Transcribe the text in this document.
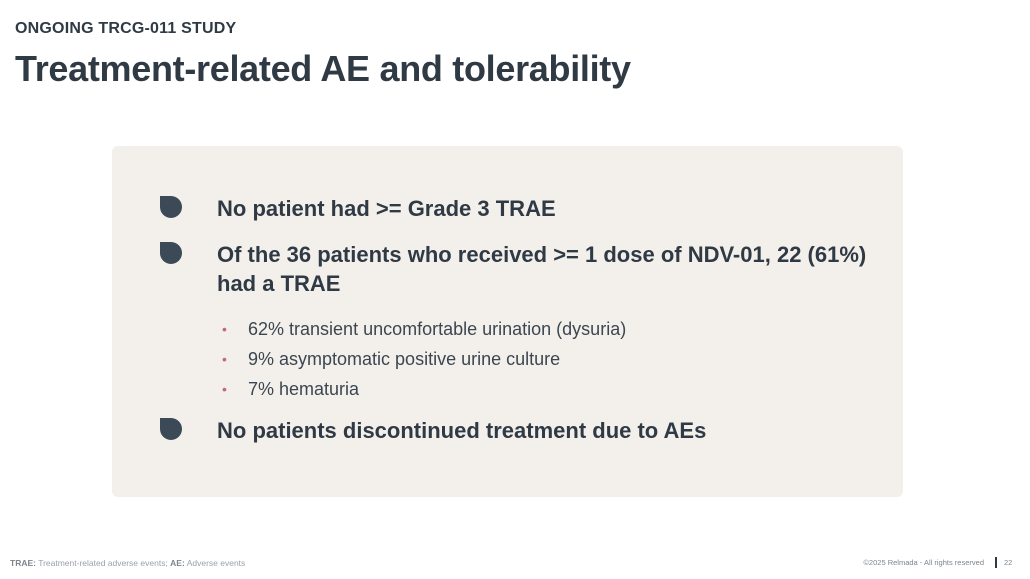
ONGOING TRCG-011 STUDY
Treatment-related AE and tolerability
No patient had >= Grade 3 TRAE
Of the 36 patients who received >= 1 dose of NDV-01, 22 (61%) had a TRAE
• 62% transient uncomfortable urination (dysuria)
• 9% asymptomatic positive urine culture
• 7% hematuria
No patients discontinued treatment due to AEs
TRAE: Treatment-related adverse events; AE: Adverse events	©2025 Relmada - All rights reserved	22
